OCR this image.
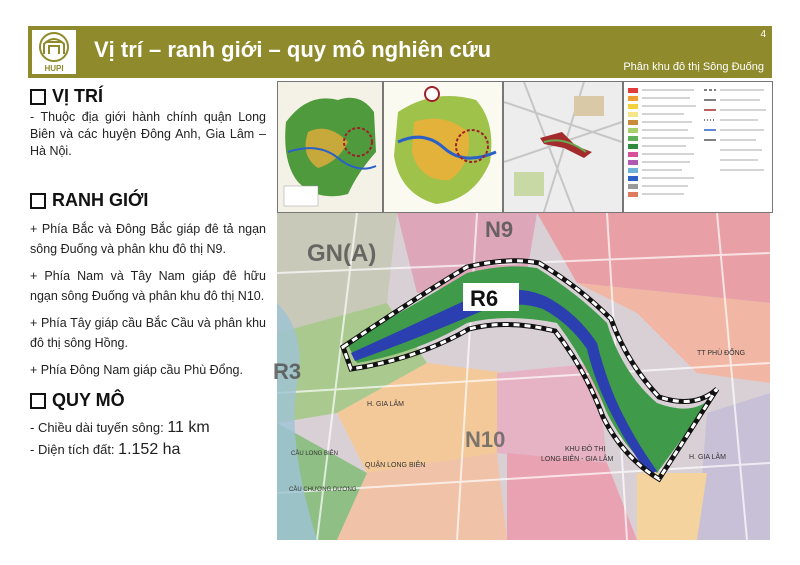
HUPI
Vị trí – ranh giới – quy mô nghiên cứu
4
Phân khu đô thị Sông Đuống
VỊ TRÍ

- Thuộc địa giới hành chính quận Long Biên và các huyện Đông Anh, Gia Lâm – Hà Nội.

RANH GIỚI

+ Phía Bắc và Đông Bắc giáp đê tả ngạn sông Đuống và phân khu đô thị N9.

+ Phía Nam và Tây Nam giáp đê hữu ngạn sông Đuống và phân khu đô thị N10.

+ Phía Tây giáp cầu Bắc Cầu và phân khu đô thị sông Hồng.

+ Phía Đông Nam giáp cầu Phù Đổng.

QUY MÔ
- Chiều dài tuyến sông: 11 km
- Diện tích đất: 1.152 ha
GN(A)
N9
R6
R3
N10
TT PHÙ ĐỔNG
H. GIA LÂM
H. GIA LÂM
KHU ĐÔ THỊ
LONG BIÊN - GIA LÂM
QUẬN LONG BIÊN
CẦU LONG BIÊN
CẦU CHƯƠNG DƯƠNG
